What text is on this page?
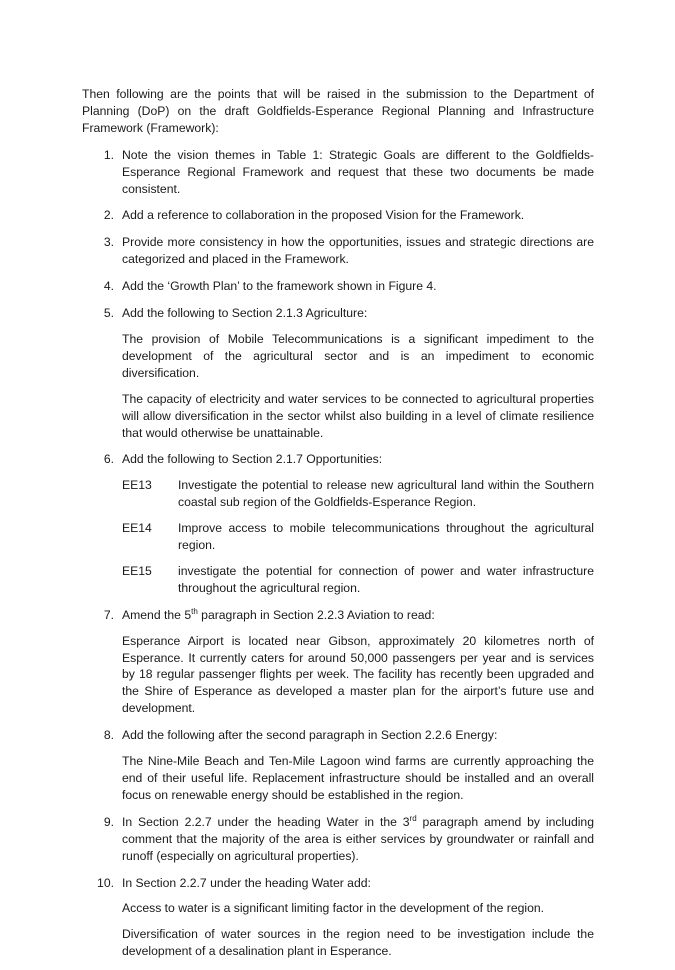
Then following are the points that will be raised in the submission to the Department of Planning (DoP) on the draft Goldfields-Esperance Regional Planning and Infrastructure Framework (Framework):

1. Note the vision themes in Table 1: Strategic Goals are different to the Goldfields-Esperance Regional Framework and request that these two documents be made consistent.

2. Add a reference to collaboration in the proposed Vision for the Framework.

3. Provide more consistency in how the opportunities, issues and strategic directions are categorized and placed in the Framework.

4. Add the ‘Growth Plan’ to the framework shown in Figure 4.

5. Add the following to Section 2.1.3 Agriculture:

The provision of Mobile Telecommunications is a significant impediment to the development of the agricultural sector and is an impediment to economic diversification.

The capacity of electricity and water services to be connected to agricultural properties will allow diversification in the sector whilst also building in a level of climate resilience that would otherwise be unattainable.

6. Add the following to Section 2.1.7 Opportunities:

EE13	Investigate the potential to release new agricultural land within the Southern coastal sub region of the Goldfields-Esperance Region.
EE14	Improve access to mobile telecommunications throughout the agricultural region.
EE15	investigate the potential for connection of power and water infrastructure throughout the agricultural region.
7. Amend the 5th paragraph in Section 2.2.3 Aviation to read:

Esperance Airport is located near Gibson, approximately 20 kilometres north of Esperance. It currently caters for around 50,000 passengers per year and is services by 18 regular passenger flights per week. The facility has recently been upgraded and the Shire of Esperance as developed a master plan for the airport’s future use and development.

8. Add the following after the second paragraph in Section 2.2.6 Energy:

The Nine-Mile Beach and Ten-Mile Lagoon wind farms are currently approaching the end of their useful life. Replacement infrastructure should be installed and an overall focus on renewable energy should be established in the region.

9. In Section 2.2.7 under the heading Water in the 3rd paragraph amend by including comment that the majority of the area is either services by groundwater or rainfall and runoff (especially on agricultural properties).

10. In Section 2.2.7 under the heading Water add:

Access to water is a significant limiting factor in the development of the region.

Diversification of water sources in the region need to be investigation include the development of a desalination plant in Esperance.
